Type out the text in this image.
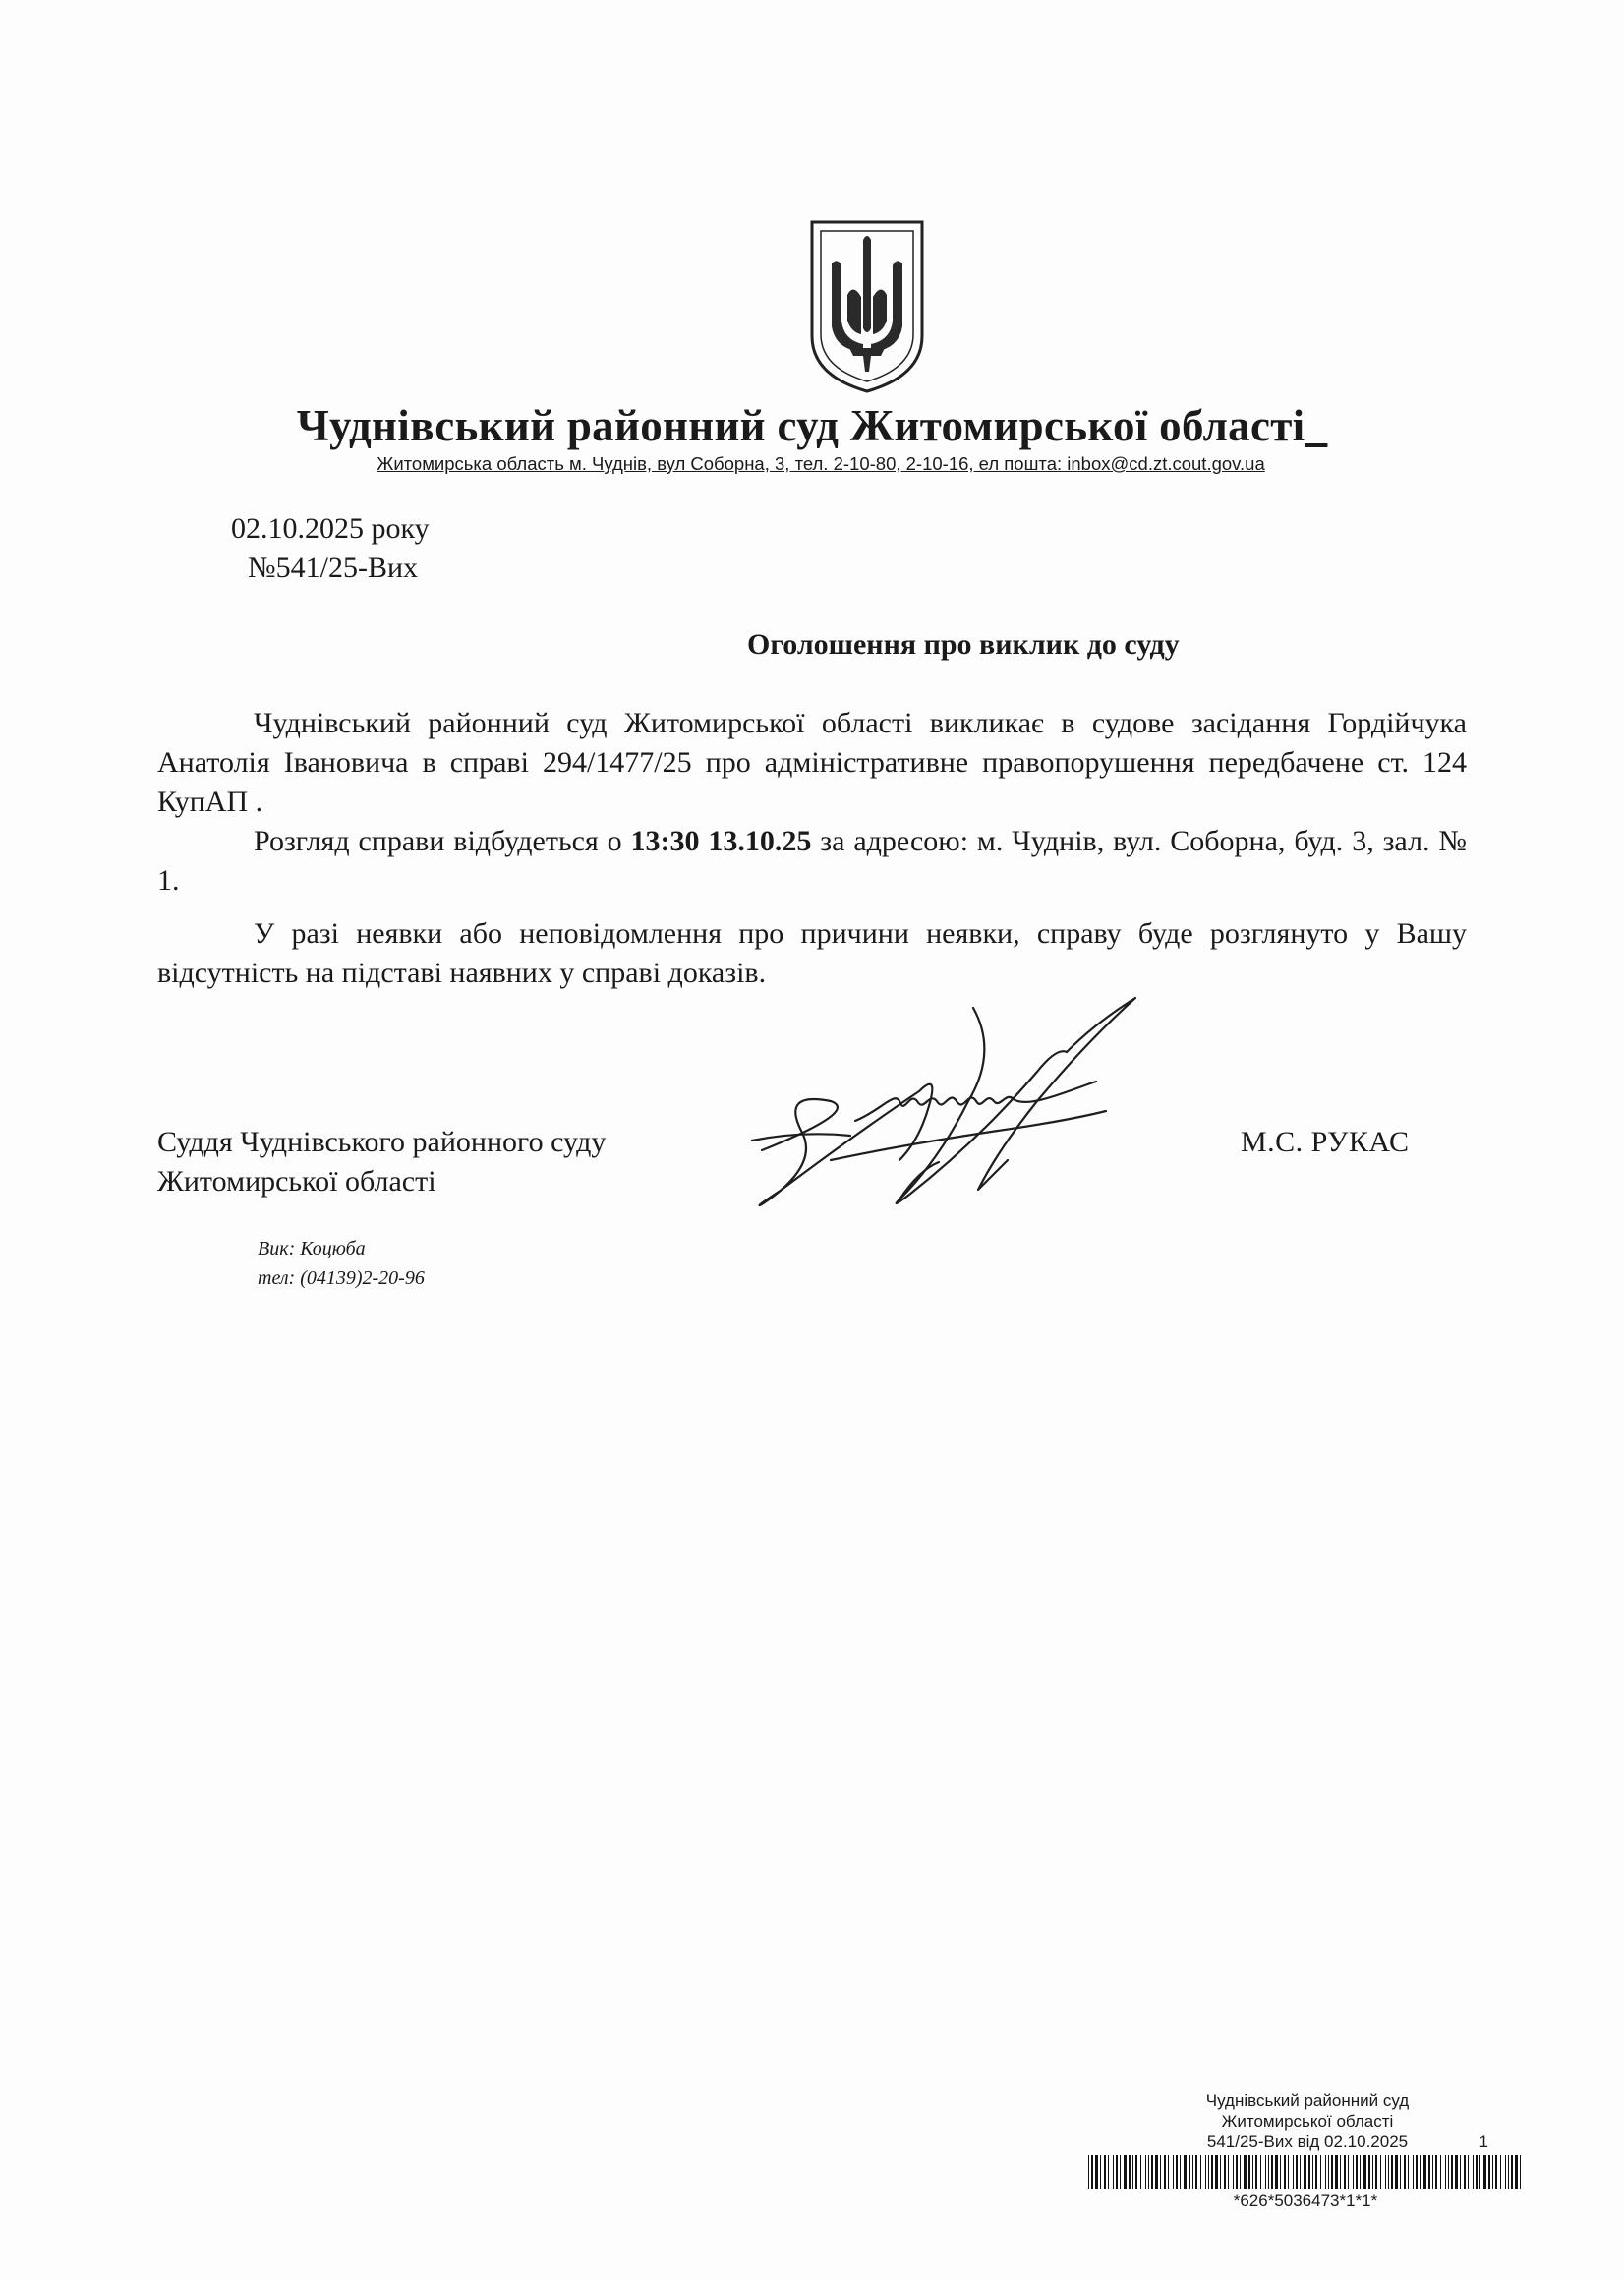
Чуднівський районний суд Житомирської області_
Житомирська область м. Чуднів, вул Соборна, 3, тел. 2-10-80, 2-10-16, ел пошта: inbox@cd.zt.cout.gov.ua
02.10.2025 року
№541/25-Вих
Оголошення про виклик до суду
Чуднівський районний суд Житомирської області викликає в судове засідання Гордійчука Анатолія Івановича в справі 294/1477/25 про адміністративне правопорушення передбачене ст. 124 КупАП .
Розгляд справи відбудеться о 13:30 13.10.25 за адресою: м. Чуднів, вул. Соборна, буд. 3, зал. № 1.
У разі неявки або неповідомлення про причини неявки, справу буде розглянуто у Вашу відсутність на підставі наявних у справі доказів.
Суддя Чуднівського районного суду
Житомирської області
М.С. РУКАС
Вик: Коцюба
тел: (04139)2-20-96
Чуднівський районний суд
Житомирської області
541/25-Вих від 02.10.2025	1
*626*5036473*1*1*
